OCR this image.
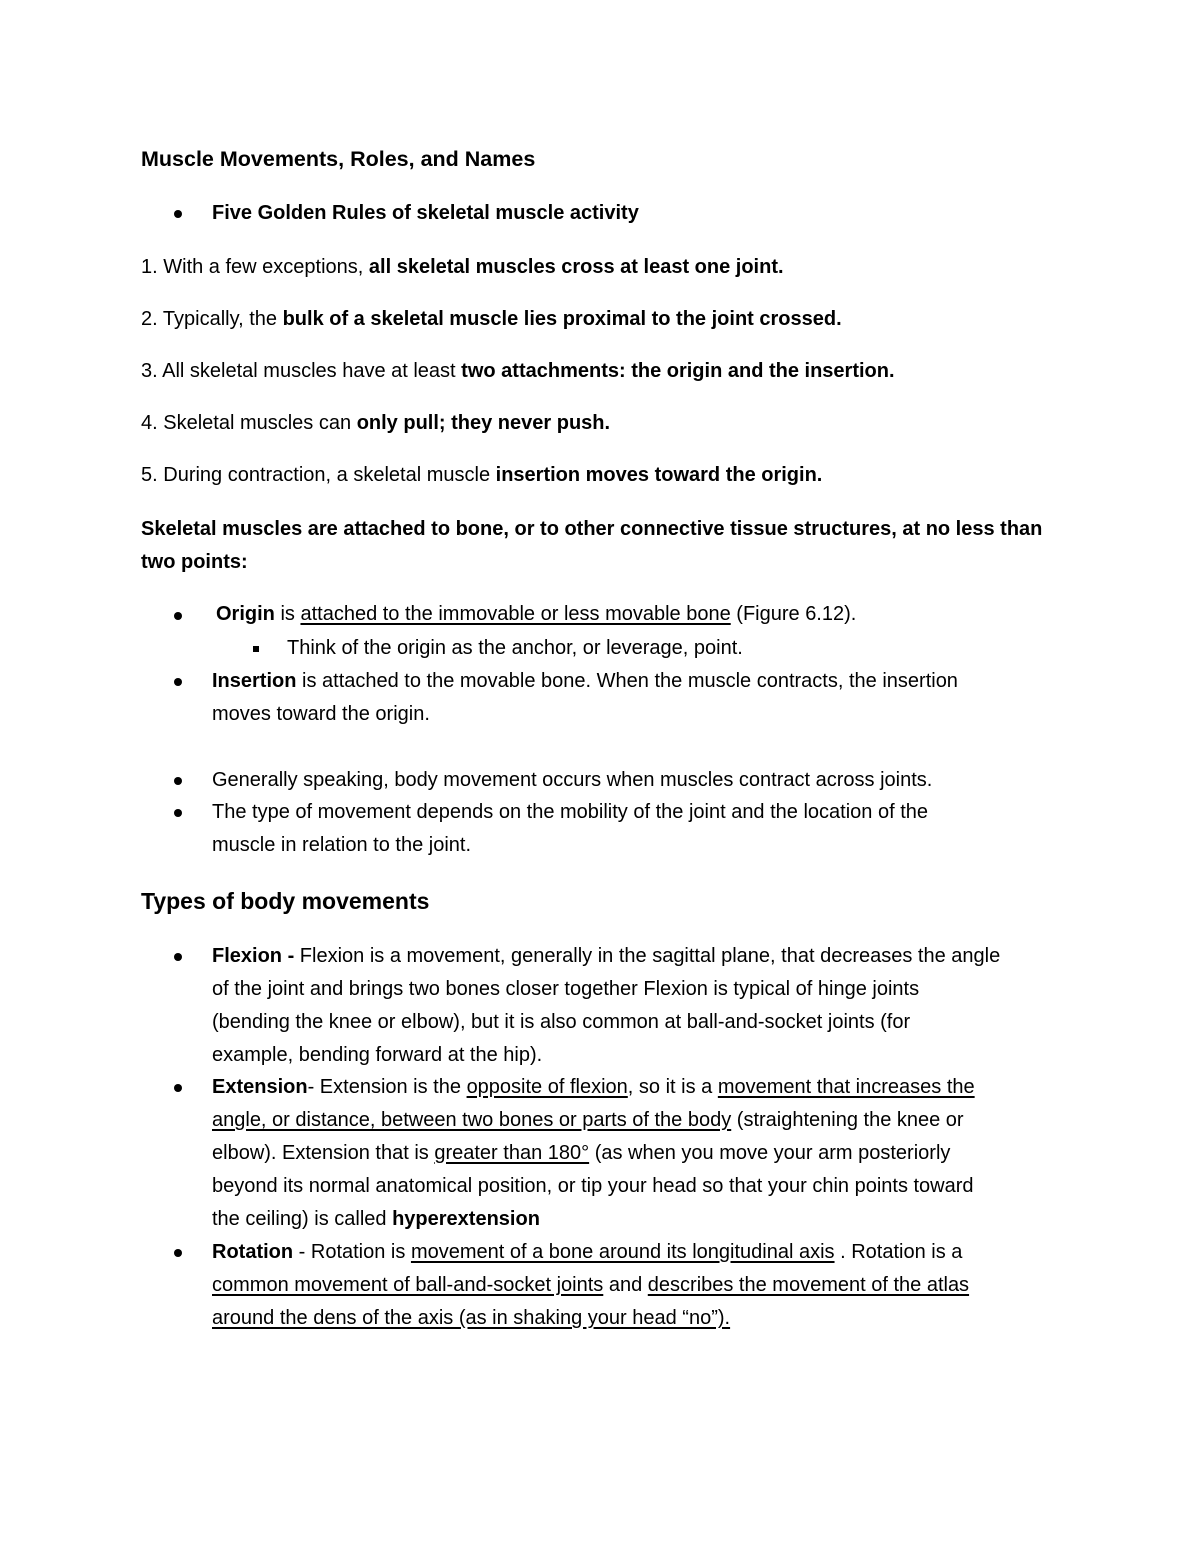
Muscle Movements, Roles, and Names
Five Golden Rules of skeletal muscle activity
1. With a few exceptions, all skeletal muscles cross at least one joint.
2. Typically, the bulk of a skeletal muscle lies proximal to the joint crossed.
3. All skeletal muscles have at least two attachments: the origin and the insertion.
4. Skeletal muscles can only pull; they never push.
5. During contraction, a skeletal muscle insertion moves toward the origin.
Skeletal muscles are attached to bone, or to other connective tissue structures, at no less than
two points:
Origin is attached to the immovable or less movable bone (Figure 6.12).
Think of the origin as the anchor, or leverage, point.
Insertion is attached to the movable bone. When the muscle contracts, the insertion
moves toward the origin.
Generally speaking, body movement occurs when muscles contract across joints.
The type of movement depends on the mobility of the joint and the location of the
muscle in relation to the joint.
Types of body movements
Flexion - Flexion is a movement, generally in the sagittal plane, that decreases the angle
of the joint and brings two bones closer together Flexion is typical of hinge joints
(bending the knee or elbow), but it is also common at ball-and-socket joints (for
example, bending forward at the hip).
Extension- Extension is the opposite of flexion, so it is a movement that increases the
angle, or distance, between two bones or parts of the body (straightening the knee or
elbow). Extension that is greater than 180° (as when you move your arm posteriorly
beyond its normal anatomical position, or tip your head so that your chin points toward
the ceiling) is called hyperextension
Rotation - Rotation is movement of a bone around its longitudinal axis . Rotation is a
common movement of ball-and-socket joints and describes the movement of the atlas
around the dens of the axis (as in shaking your head “no”).
